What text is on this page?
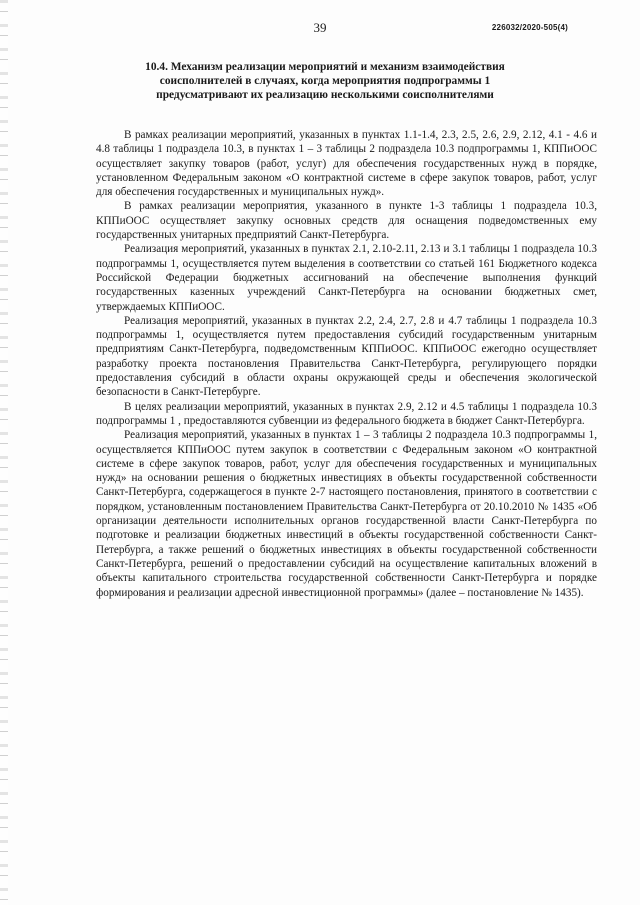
39	226032/2020-505(4)
10.4. Механизм реализации мероприятий и механизм взаимодействия соисполнителей в случаях, когда мероприятия подпрограммы 1 предусматривают их реализацию несколькими соисполнителями

В рамках реализации мероприятий, указанных в пунктах 1.1-1.4, 2.3, 2.5, 2.6, 2.9, 2.12, 4.1 - 4.6 и 4.8 таблицы 1 подраздела 10.3, в пунктах 1 – 3 таблицы 2 подраздела 10.3 подпрограммы 1, КППиООС осуществляет закупку товаров (работ, услуг) для обеспечения государственных нужд в порядке, установленном Федеральным законом «О контрактной системе в сфере закупок товаров, работ, услуг для обеспечения государственных и муниципальных нужд».

В рамках реализации мероприятия, указанного в пункте 1-3 таблицы 1 подраздела 10.3, КППиООС осуществляет закупку основных средств для оснащения подведомственных ему государственных унитарных предприятий Санкт-Петербурга.

Реализация мероприятий, указанных в пунктах 2.1, 2.10-2.11, 2.13 и 3.1 таблицы 1 подраздела 10.3 подпрограммы 1, осуществляется путем выделения в соответствии со статьей 161 Бюджетного кодекса Российской Федерации бюджетных ассигнований на обеспечение выполнения функций государственных казенных учреждений Санкт-Петербурга на основании бюджетных смет, утверждаемых КППиООС.

Реализация мероприятий, указанных в пунктах 2.2, 2.4, 2.7, 2.8 и 4.7 таблицы 1 подраздела 10.3 подпрограммы 1, осуществляется путем предоставления субсидий государственным унитарным предприятиям Санкт-Петербурга, подведомственным КППиООС. КППиООС ежегодно осуществляет разработку проекта постановления Правительства Санкт-Петербурга, регулирующего порядки предоставления субсидий в области охраны окружающей среды и обеспечения экологической безопасности в Санкт-Петербурге.

В целях реализации мероприятий, указанных в пунктах 2.9, 2.12 и 4.5 таблицы 1 подраздела 10.3 подпрограммы 1 , предоставляются субвенции из федерального бюджета в бюджет Санкт-Петербурга.

Реализация мероприятий, указанных в пунктах 1 – 3 таблицы 2 подраздела 10.3 подпрограммы 1, осуществляется КППиООС путем закупок в соответствии с Федеральным законом «О контрактной системе в сфере закупок товаров, работ, услуг для обеспечения государственных и муниципальных нужд» на основании решения о бюджетных инвестициях в объекты государственной собственности Санкт-Петербурга, содержащегося в пункте 2-7 настоящего постановления, принятого в соответствии с порядком, установленным постановлением Правительства Санкт-Петербурга от 20.10.2010 № 1435 «Об организации деятельности исполнительных органов государственной власти Санкт-Петербурга по подготовке и реализации бюджетных инвестиций в объекты государственной собственности Санкт-Петербурга, а также решений о бюджетных инвестициях в объекты государственной собственности Санкт-Петербурга, решений о предоставлении субсидий на осуществление капитальных вложений в объекты капитального строительства государственной собственности Санкт-Петербурга и порядке формирования и реализации адресной инвестиционной программы» (далее – постановление № 1435).
